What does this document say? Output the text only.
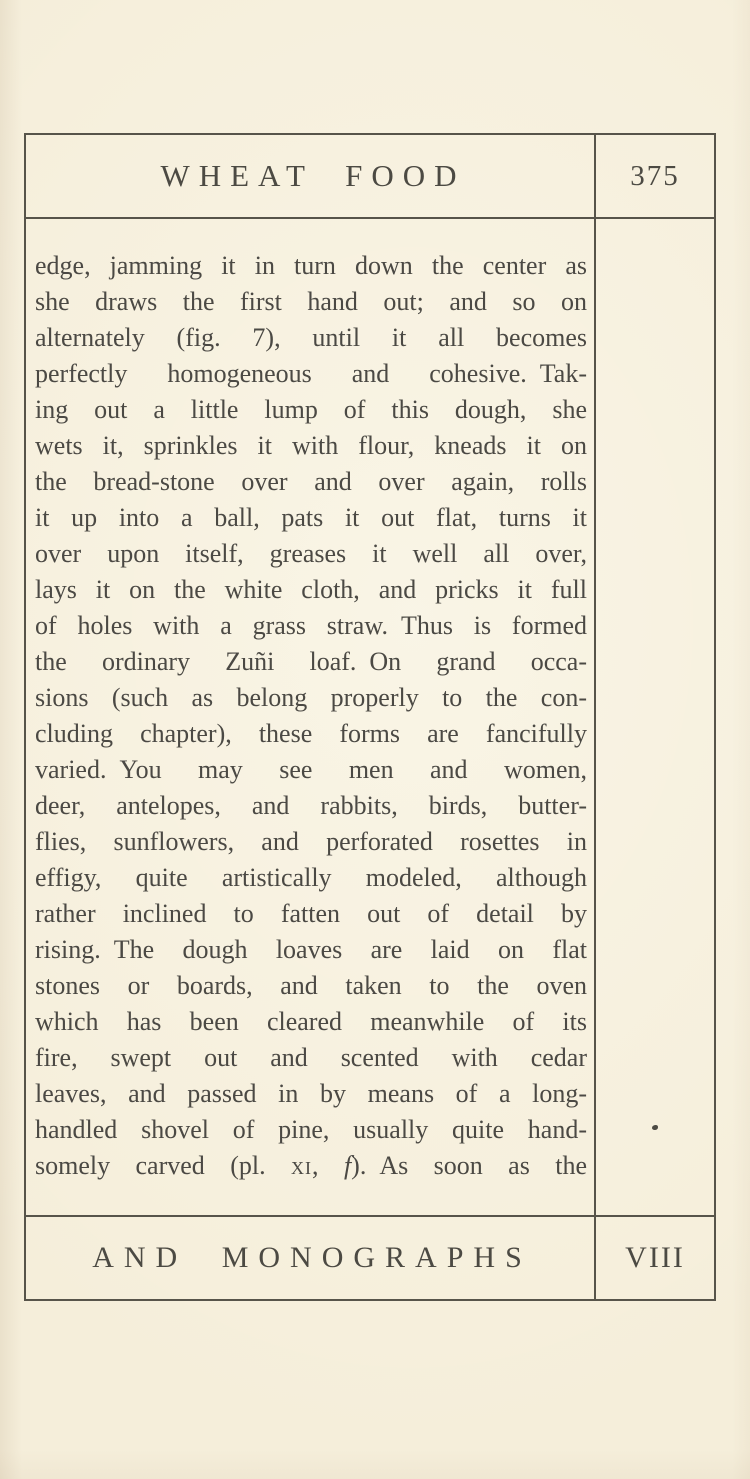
WHEAT FOOD	375
edge, jamming it in turn down the center as
she draws the first hand out; and so on
alternately (fig. 7), until it all becomes
perfectly homogeneous and cohesive. Tak-
ing out a little lump of this dough, she
wets it, sprinkles it with flour, kneads it on
the bread-stone over and over again, rolls
it up into a ball, pats it out flat, turns it
over upon itself, greases it well all over,
lays it on the white cloth, and pricks it full
of holes with a grass straw. Thus is formed
the ordinary Zuñi loaf. On grand occa-
sions (such as belong properly to the con-
cluding chapter), these forms are fancifully
varied. You may see men and women,
deer, antelopes, and rabbits, birds, butter-
flies, sunflowers, and perforated rosettes in
effigy, quite artistically modeled, although
rather inclined to fatten out of detail by
rising. The dough loaves are laid on flat
stones or boards, and taken to the oven
which has been cleared meanwhile of its
fire, swept out and scented with cedar
leaves, and passed in by means of a long-
handled shovel of pine, usually quite hand-
somely carved (pl. xi, f). As soon as the
AND MONOGRAPHS	VIII
